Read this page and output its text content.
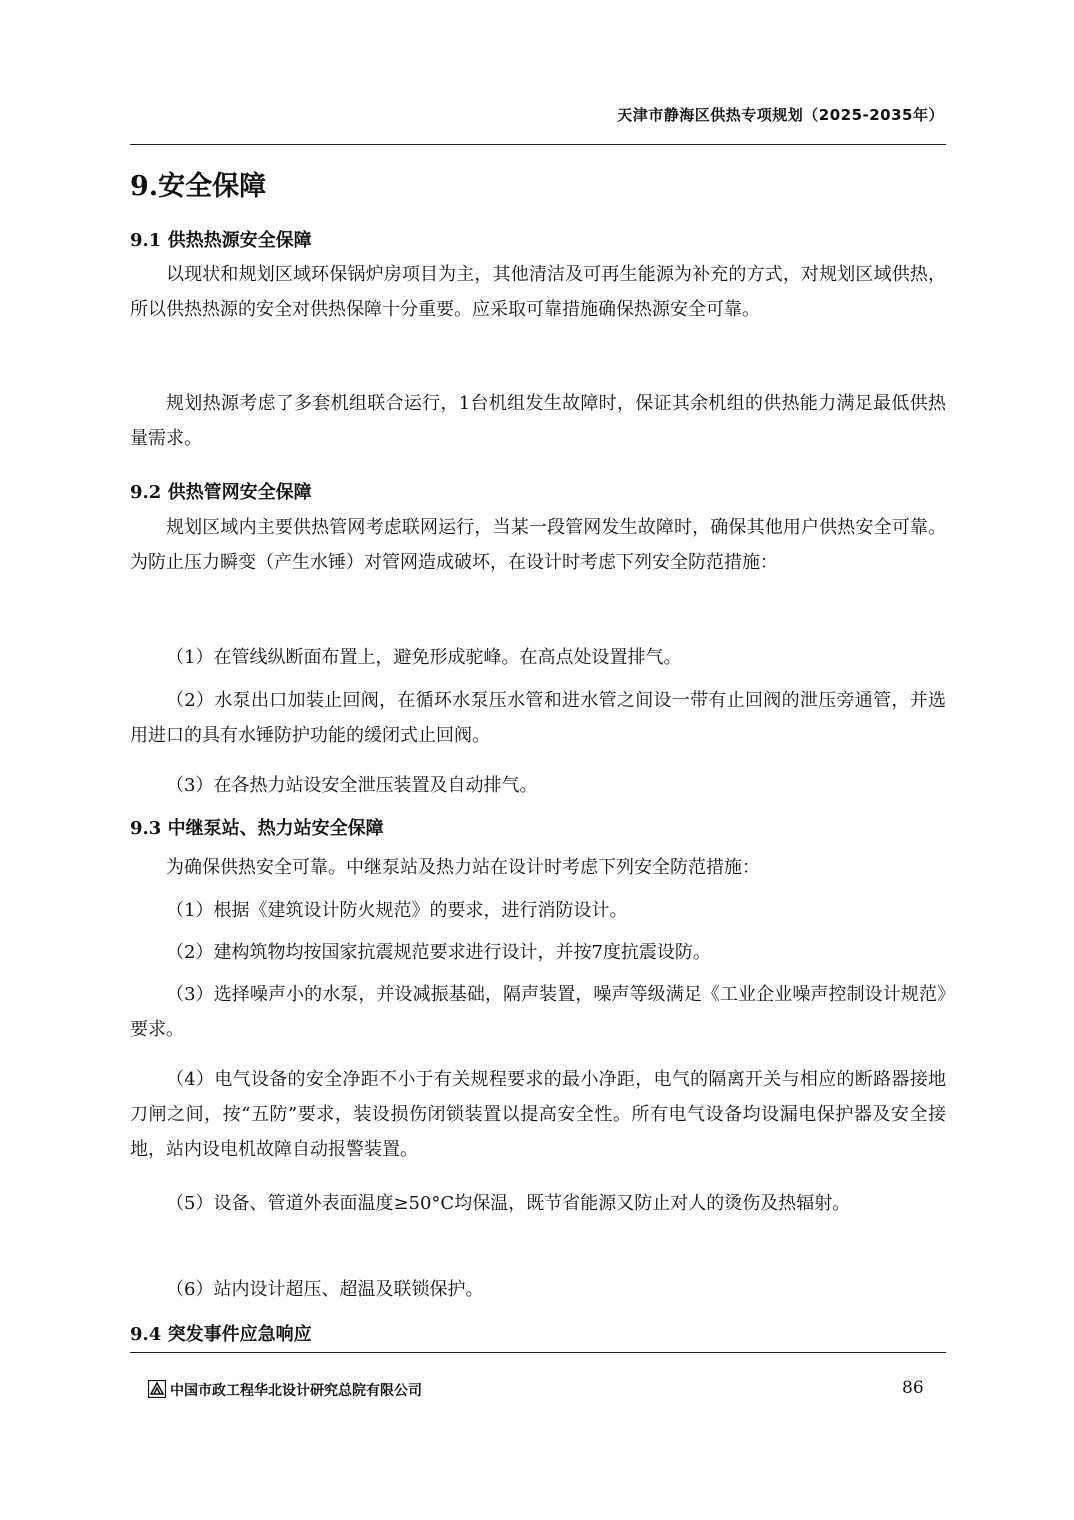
天津市静海区供热专项规划（2025-2035年）
9.安全保障
9.1 供热热源安全保障

以现状和规划区域环保锅炉房项目为主，其他清洁及可再生能源为补充的方式，对规划区域供热，所以供热热源的安全对供热保障十分重要。应采取可靠措施确保热源安全可靠。

规划热源考虑了多套机组联合运行，1台机组发生故障时，保证其余机组的供热能力满足最低供热量需求。

9.2 供热管网安全保障

规划区域内主要供热管网考虑联网运行，当某一段管网发生故障时，确保其他用户供热安全可靠。为防止压力瞬变（产生水锤）对管网造成破坏，在设计时考虑下列安全防范措施：

（1）在管线纵断面布置上，避免形成驼峰。在高点处设置排气。

（2）水泵出口加装止回阀，在循环水泵压水管和进水管之间设一带有止回阀的泄压旁通管，并选用进口的具有水锤防护功能的缓闭式止回阀。

（3）在各热力站设安全泄压装置及自动排气。

9.3 中继泵站、热力站安全保障

为确保供热安全可靠。中继泵站及热力站在设计时考虑下列安全防范措施：

（1）根据《建筑设计防火规范》的要求，进行消防设计。

（2）建构筑物均按国家抗震规范要求进行设计，并按7度抗震设防。

（3）选择噪声小的水泵，并设减振基础，隔声装置，噪声等级满足《工业企业噪声控制设计规范》要求。

（4）电气设备的安全净距不小于有关规程要求的最小净距，电气的隔离开关与相应的断路器接地刀闸之间，按“五防”要求，装设损伤闭锁装置以提高安全性。所有电气设备均设漏电保护器及安全接地，站内设电机故障自动报警装置。

（5）设备、管道外表面温度≥50°C均保温，既节省能源又防止对人的烫伤及热辐射。

（6）站内设计超压、超温及联锁保护。

9.4 突发事件应急响应
中国市政工程华北设计研究总院有限公司	86
